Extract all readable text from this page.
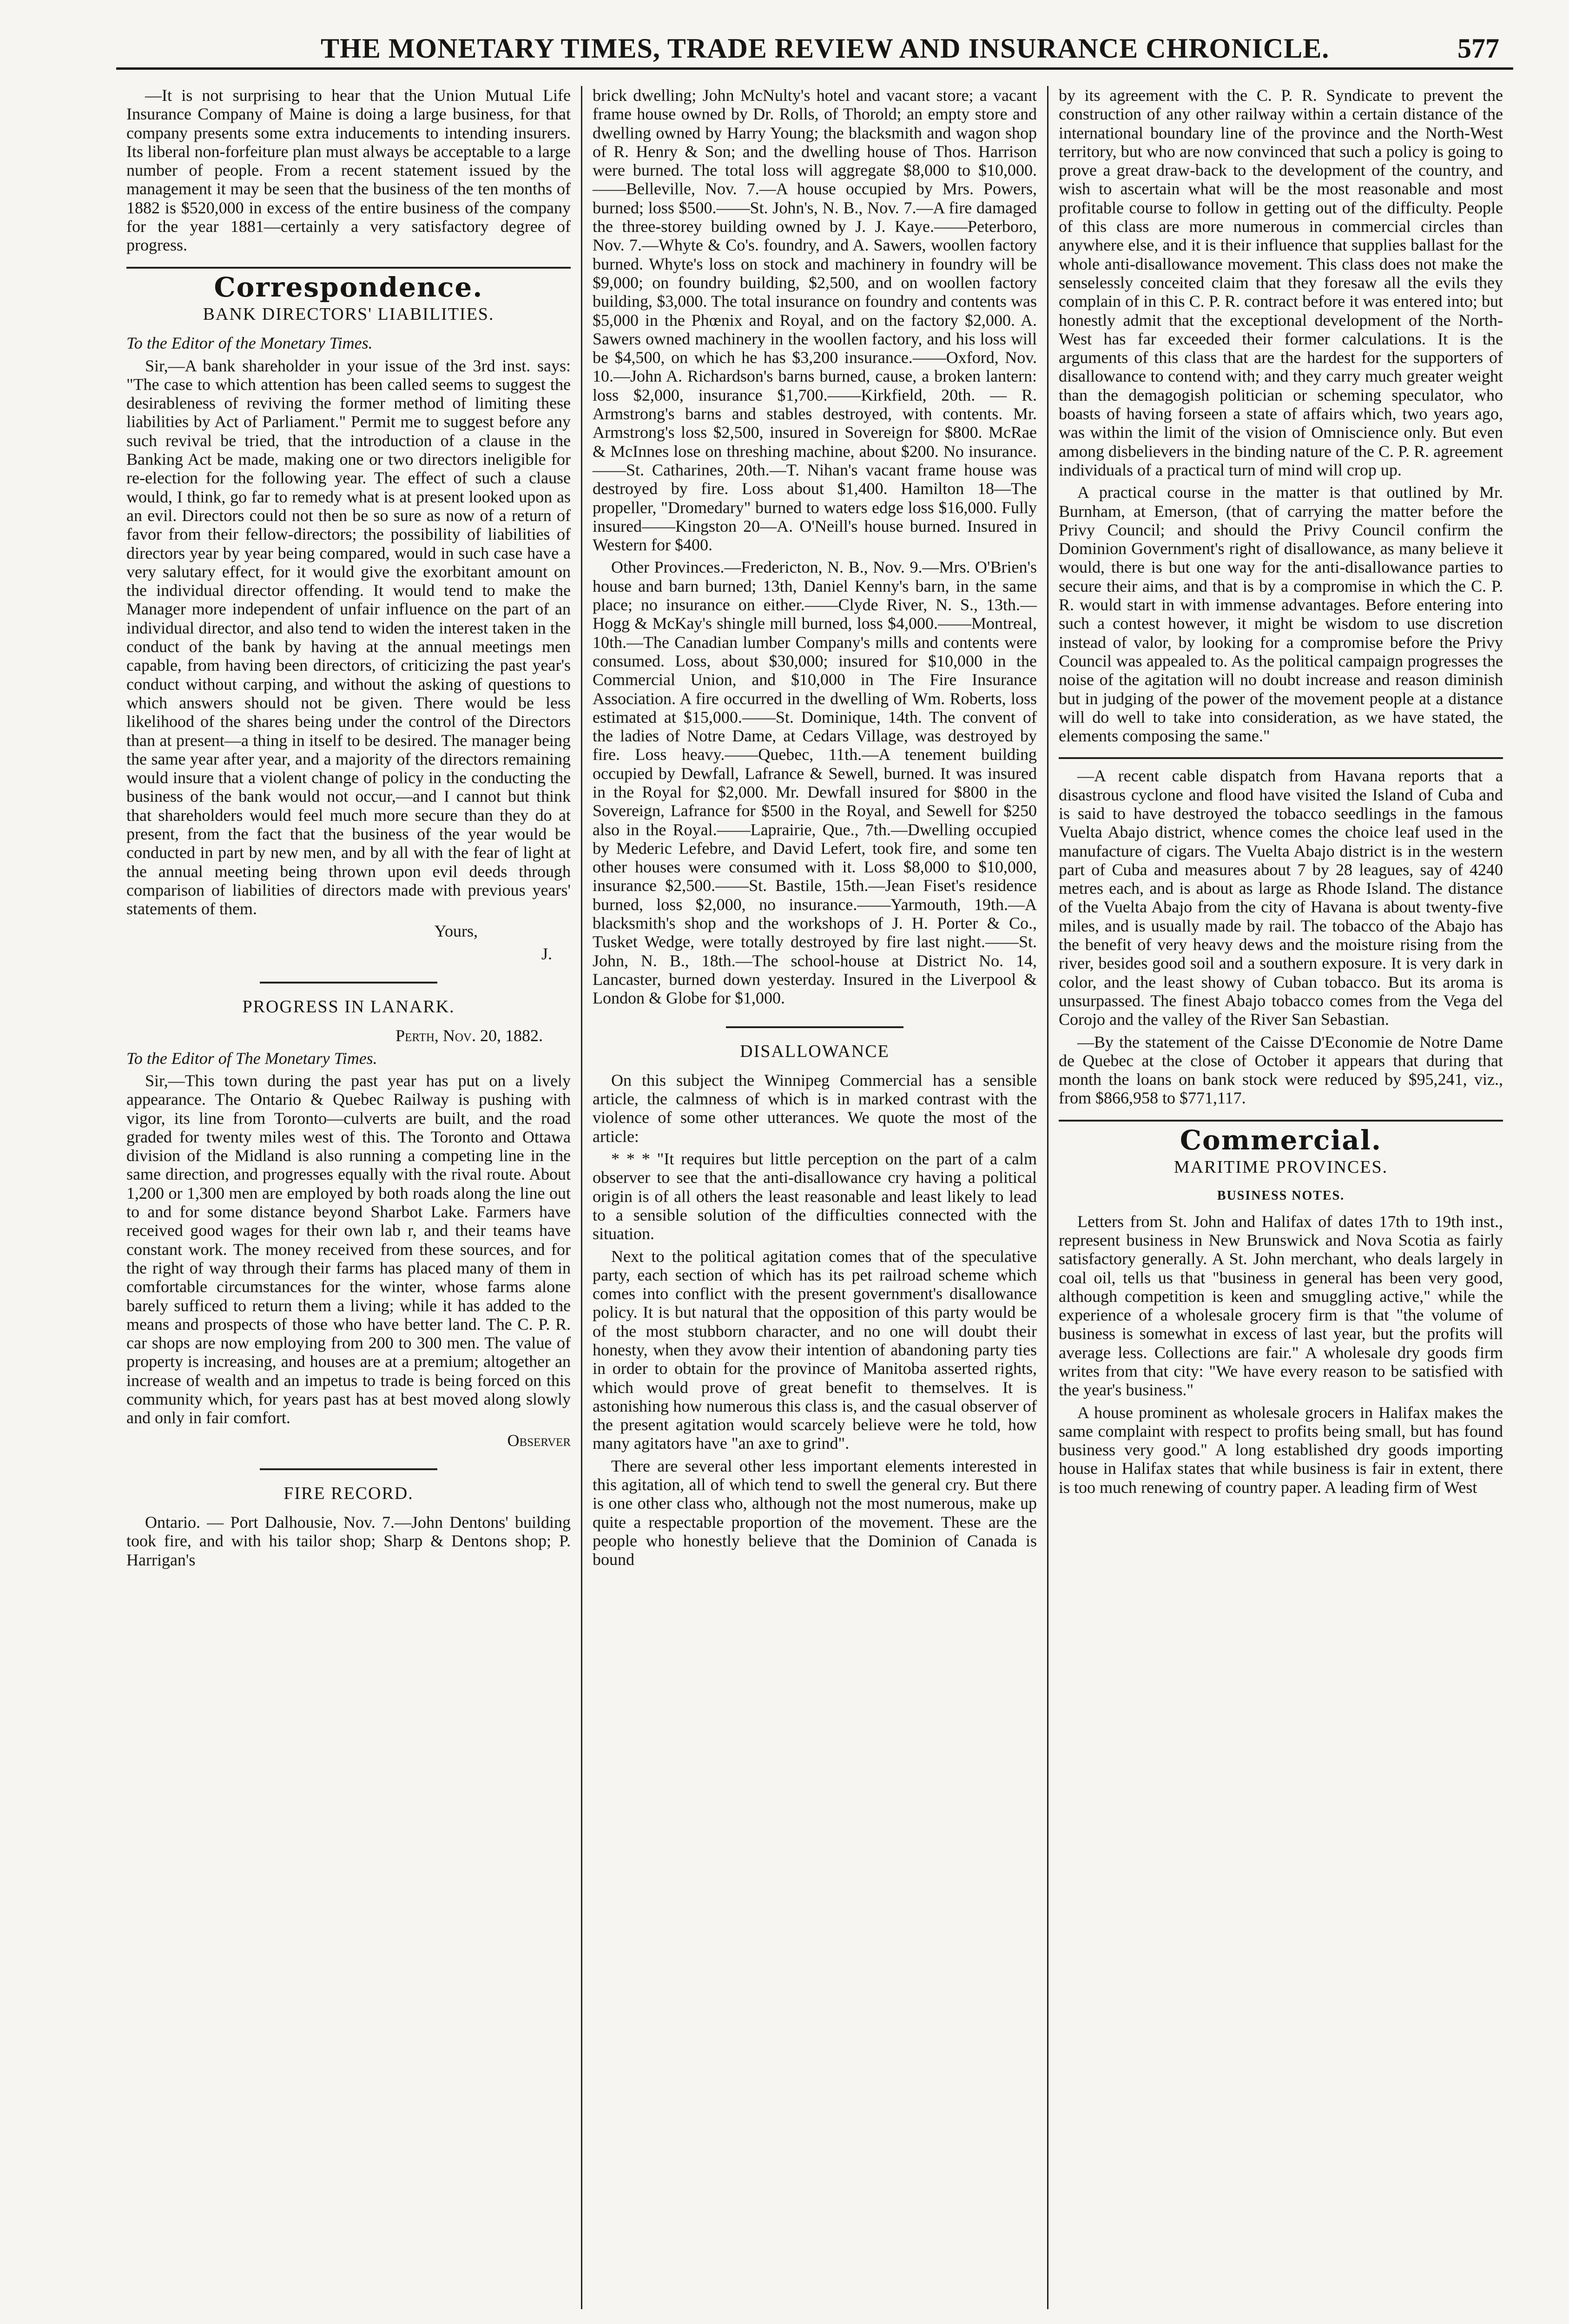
THE MONETARY TIMES, TRADE REVIEW AND INSURANCE CHRONICLE.	577

—It is not surprising to hear that the Union Mutual Life Insurance Company of Maine is doing a large business, for that company presents some extra inducements to intending insurers. Its liberal non-forfeiture plan must always be acceptable to a large number of people. From a recent statement issued by the management it may be seen that the business of the ten months of 1882 is $520,000 in excess of the entire business of the company for the year 1881—certainly a very satisfactory degree of progress.

Correspondence.
BANK DIRECTORS' LIABILITIES.

To the Editor of the Monetary Times.

Sir,—A bank shareholder in your issue of the 3rd inst. says: "The case to which attention has been called seems to suggest the desirableness of reviving the former method of limiting these liabilities by Act of Parliament." Permit me to suggest before any such revival be tried, that the introduction of a clause in the Banking Act be made, making one or two directors ineligible for re-election for the following year. The effect of such a clause would, I think, go far to remedy what is at present looked upon as an evil. Directors could not then be so sure as now of a return of favor from their fellow-directors; the possibility of liabilities of directors year by year being compared, would in such case have a very salutary effect, for it would give the exorbitant amount on the individual director offending. It would tend to make the Manager more independent of unfair influence on the part of an individual director, and also tend to widen the interest taken in the conduct of the bank by having at the annual meetings men capable, from having been directors, of criticizing the past year's conduct without carping, and without the asking of questions to which answers should not be given. There would be less likelihood of the shares being under the control of the Directors than at present—a thing in itself to be desired. The manager being the same year after year, and a majority of the directors remaining would insure that a violent change of policy in the conducting the business of the bank would not occur,—and I cannot but think that shareholders would feel much more secure than they do at present, from the fact that the business of the year would be conducted in part by new men, and by all with the fear of light at the annual meeting being thrown upon evil deeds through comparison of liabilities of directors made with previous years' statements of them.

Yours,

J.

PROGRESS IN LANARK.

Perth, Nov. 20, 1882.

To the Editor of The Monetary Times.

Sir,—This town during the past year has put on a lively appearance. The Ontario & Quebec Railway is pushing with vigor, its line from Toronto—culverts are built, and the road graded for twenty miles west of this. The Toronto and Ottawa division of the Midland is also running a competing line in the same direction, and progresses equally with the rival route. About 1,200 or 1,300 men are employed by both roads along the line out to and for some distance beyond Sharbot Lake. Farmers have received good wages for their own lab r, and their teams have constant work. The money received from these sources, and for the right of way through their farms has placed many of them in comfortable circumstances for the winter, whose farms alone barely sufficed to return them a living; while it has added to the means and prospects of those who have better land. The C. P. R. car shops are now employing from 200 to 300 men. The value of property is increasing, and houses are at a premium; altogether an increase of wealth and an impetus to trade is being forced on this community which, for years past has at best moved along slowly and only in fair comfort.

Observer

FIRE RECORD.

Ontario. — Port Dalhousie, Nov. 7.—John Dentons' building took fire, and with his tailor shop; Sharp & Dentons shop; P. Harrigan's

brick dwelling; John McNulty's hotel and vacant store; a vacant frame house owned by Dr. Rolls, of Thorold; an empty store and dwelling owned by Harry Young; the blacksmith and wagon shop of R. Henry & Son; and the dwelling house of Thos. Harrison were burned. The total loss will aggregate $8,000 to $10,000.——Belleville, Nov. 7.—A house occupied by Mrs. Powers, burned; loss $500.——St. John's, N. B., Nov. 7.—A fire damaged the three-storey building owned by J. J. Kaye.——Peterboro, Nov. 7.—Whyte & Co's. foundry, and A. Sawers, woollen factory burned. Whyte's loss on stock and machinery in foundry will be $9,000; on foundry building, $2,500, and on woollen factory building, $3,000. The total insurance on foundry and contents was $5,000 in the Phœnix and Royal, and on the factory $2,000. A. Sawers owned machinery in the woollen factory, and his loss will be $4,500, on which he has $3,200 insurance.——Oxford, Nov. 10.—John A. Richardson's barns burned, cause, a broken lantern: loss $2,000, insurance $1,700.——Kirkfield, 20th. — R. Armstrong's barns and stables destroyed, with contents. Mr. Armstrong's loss $2,500, insured in Sovereign for $800. McRae & McInnes lose on threshing machine, about $200. No insurance.——St. Catharines, 20th.—T. Nihan's vacant frame house was destroyed by fire. Loss about $1,400. Hamilton 18—The propeller, "Dromedary" burned to waters edge loss $16,000. Fully insured——Kingston 20—A. O'Neill's house burned. Insured in Western for $400.

Other Provinces.—Fredericton, N. B., Nov. 9.—Mrs. O'Brien's house and barn burned; 13th, Daniel Kenny's barn, in the same place; no insurance on either.——Clyde River, N. S., 13th.—Hogg & McKay's shingle mill burned, loss $4,000.——Montreal, 10th.—The Canadian lumber Company's mills and contents were consumed. Loss, about $30,000; insured for $10,000 in the Commercial Union, and $10,000 in The Fire Insurance Association. A fire occurred in the dwelling of Wm. Roberts, loss estimated at $15,000.——St. Dominique, 14th. The convent of the ladies of Notre Dame, at Cedars Village, was destroyed by fire. Loss heavy.——Quebec, 11th.—A tenement building occupied by Dewfall, Lafrance & Sewell, burned. It was insured in the Royal for $2,000. Mr. Dewfall insured for $800 in the Sovereign, Lafrance for $500 in the Royal, and Sewell for $250 also in the Royal.——Laprairie, Que., 7th.—Dwelling occupied by Mederic Lefebre, and David Lefert, took fire, and some ten other houses were consumed with it. Loss $8,000 to $10,000, insurance $2,500.——St. Bastile, 15th.—Jean Fiset's residence burned, loss $2,000, no insurance.——Yarmouth, 19th.—A blacksmith's shop and the workshops of J. H. Porter & Co., Tusket Wedge, were totally destroyed by fire last night.——St. John, N. B., 18th.—The school-house at District No. 14, Lancaster, burned down yesterday. Insured in the Liverpool & London & Globe for $1,000.

DISALLOWANCE

On this subject the Winnipeg Commercial has a sensible article, the calmness of which is in marked contrast with the violence of some other utterances. We quote the most of the article:

* * * "It requires but little perception on the part of a calm observer to see that the anti-disallowance cry having a political origin is of all others the least reasonable and least likely to lead to a sensible solution of the difficulties connected with the situation.

Next to the political agitation comes that of the speculative party, each section of which has its pet railroad scheme which comes into conflict with the present government's disallowance policy. It is but natural that the opposition of this party would be of the most stubborn character, and no one will doubt their honesty, when they avow their intention of abandoning party ties in order to obtain for the province of Manitoba asserted rights, which would prove of great benefit to themselves. It is astonishing how numerous this class is, and the casual observer of the present agitation would scarcely believe were he told, how many agitators have "an axe to grind".

There are several other less important elements interested in this agitation, all of which tend to swell the general cry. But there is one other class who, although not the most numerous, make up quite a respectable proportion of the movement. These are the people who honestly believe that the Dominion of Canada is bound

by its agreement with the C. P. R. Syndicate to prevent the construction of any other railway within a certain distance of the international boundary line of the province and the North-West territory, but who are now convinced that such a policy is going to prove a great draw-back to the development of the country, and wish to ascertain what will be the most reasonable and most profitable course to follow in getting out of the difficulty. People of this class are more numerous in commercial circles than anywhere else, and it is their influence that supplies ballast for the whole anti-disallowance movement. This class does not make the senselessly conceited claim that they foresaw all the evils they complain of in this C. P. R. contract before it was entered into; but honestly admit that the exceptional development of the North-West has far exceeded their former calculations. It is the arguments of this class that are the hardest for the supporters of disallowance to contend with; and they carry much greater weight than the demagogish politician or scheming speculator, who boasts of having forseen a state of affairs which, two years ago, was within the limit of the vision of Omniscience only. But even among disbelievers in the binding nature of the C. P. R. agreement individuals of a practical turn of mind will crop up.

A practical course in the matter is that outlined by Mr. Burnham, at Emerson, (that of carrying the matter before the Privy Council; and should the Privy Council confirm the Dominion Government's right of disallowance, as many believe it would, there is but one way for the anti-disallowance parties to secure their aims, and that is by a compromise in which the C. P. R. would start in with immense advantages. Before entering into such a contest however, it might be wisdom to use discretion instead of valor, by looking for a compromise before the Privy Council was appealed to. As the political campaign progresses the noise of the agitation will no doubt increase and reason diminish but in judging of the power of the movement people at a distance will do well to take into consideration, as we have stated, the elements composing the same."

—A recent cable dispatch from Havana reports that a disastrous cyclone and flood have visited the Island of Cuba and is said to have destroyed the tobacco seedlings in the famous Vuelta Abajo district, whence comes the choice leaf used in the manufacture of cigars. The Vuelta Abajo district is in the western part of Cuba and measures about 7 by 28 leagues, say of 4240 metres each, and is about as large as Rhode Island. The distance of the Vuelta Abajo from the city of Havana is about twenty-five miles, and is usually made by rail. The tobacco of the Abajo has the benefit of very heavy dews and the moisture rising from the river, besides good soil and a southern exposure. It is very dark in color, and the least showy of Cuban tobacco. But its aroma is unsurpassed. The finest Abajo tobacco comes from the Vega del Corojo and the valley of the River San Sebastian.

—By the statement of the Caisse D'Economie de Notre Dame de Quebec at the close of October it appears that during that month the loans on bank stock were reduced by $95,241, viz., from $866,958 to $771,117.

Commercial.
MARITIME PROVINCES.
BUSINESS NOTES.

Letters from St. John and Halifax of dates 17th to 19th inst., represent business in New Brunswick and Nova Scotia as fairly satisfactory generally. A St. John merchant, who deals largely in coal oil, tells us that "business in general has been very good, although competition is keen and smuggling active," while the experience of a wholesale grocery firm is that "the volume of business is somewhat in excess of last year, but the profits will average less. Collections are fair." A wholesale dry goods firm writes from that city: "We have every reason to be satisfied with the year's business."

A house prominent as wholesale grocers in Halifax makes the same complaint with respect to profits being small, but has found business very good." A long established dry goods importing house in Halifax states that while business is fair in extent, there is too much renewing of country paper. A leading firm of West
